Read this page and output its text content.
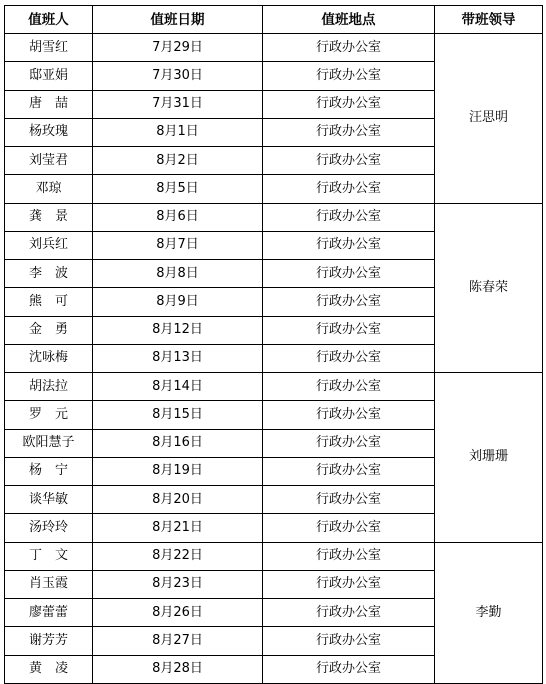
值班人	值班日期	值班地点	带班领导
胡雪红	7月29日	行政办公室	汪思明
邸亚娟	7月30日	行政办公室	
唐　喆	7月31日	行政办公室	
杨玫瑰	8月1日	行政办公室	
刘莹君	8月2日	行政办公室	
邓琼	8月5日	行政办公室	
龚　景	8月6日	行政办公室	陈春荣
刘兵红	8月7日	行政办公室	
李　波	8月8日	行政办公室	
熊　可	8月9日	行政办公室	
金　勇	8月12日	行政办公室	
沈咏梅	8月13日	行政办公室	
胡法拉	8月14日	行政办公室	刘珊珊
罗　元	8月15日	行政办公室	
欧阳慧子	8月16日	行政办公室	
杨　宁	8月19日	行政办公室	
谈华敏	8月20日	行政办公室	
汤玲玲	8月21日	行政办公室	
丁　文	8月22日	行政办公室	李勤
肖玉霞	8月23日	行政办公室	
廖蕾蕾	8月26日	行政办公室	
谢芳芳	8月27日	行政办公室	
黄　凌	8月28日	行政办公室	
